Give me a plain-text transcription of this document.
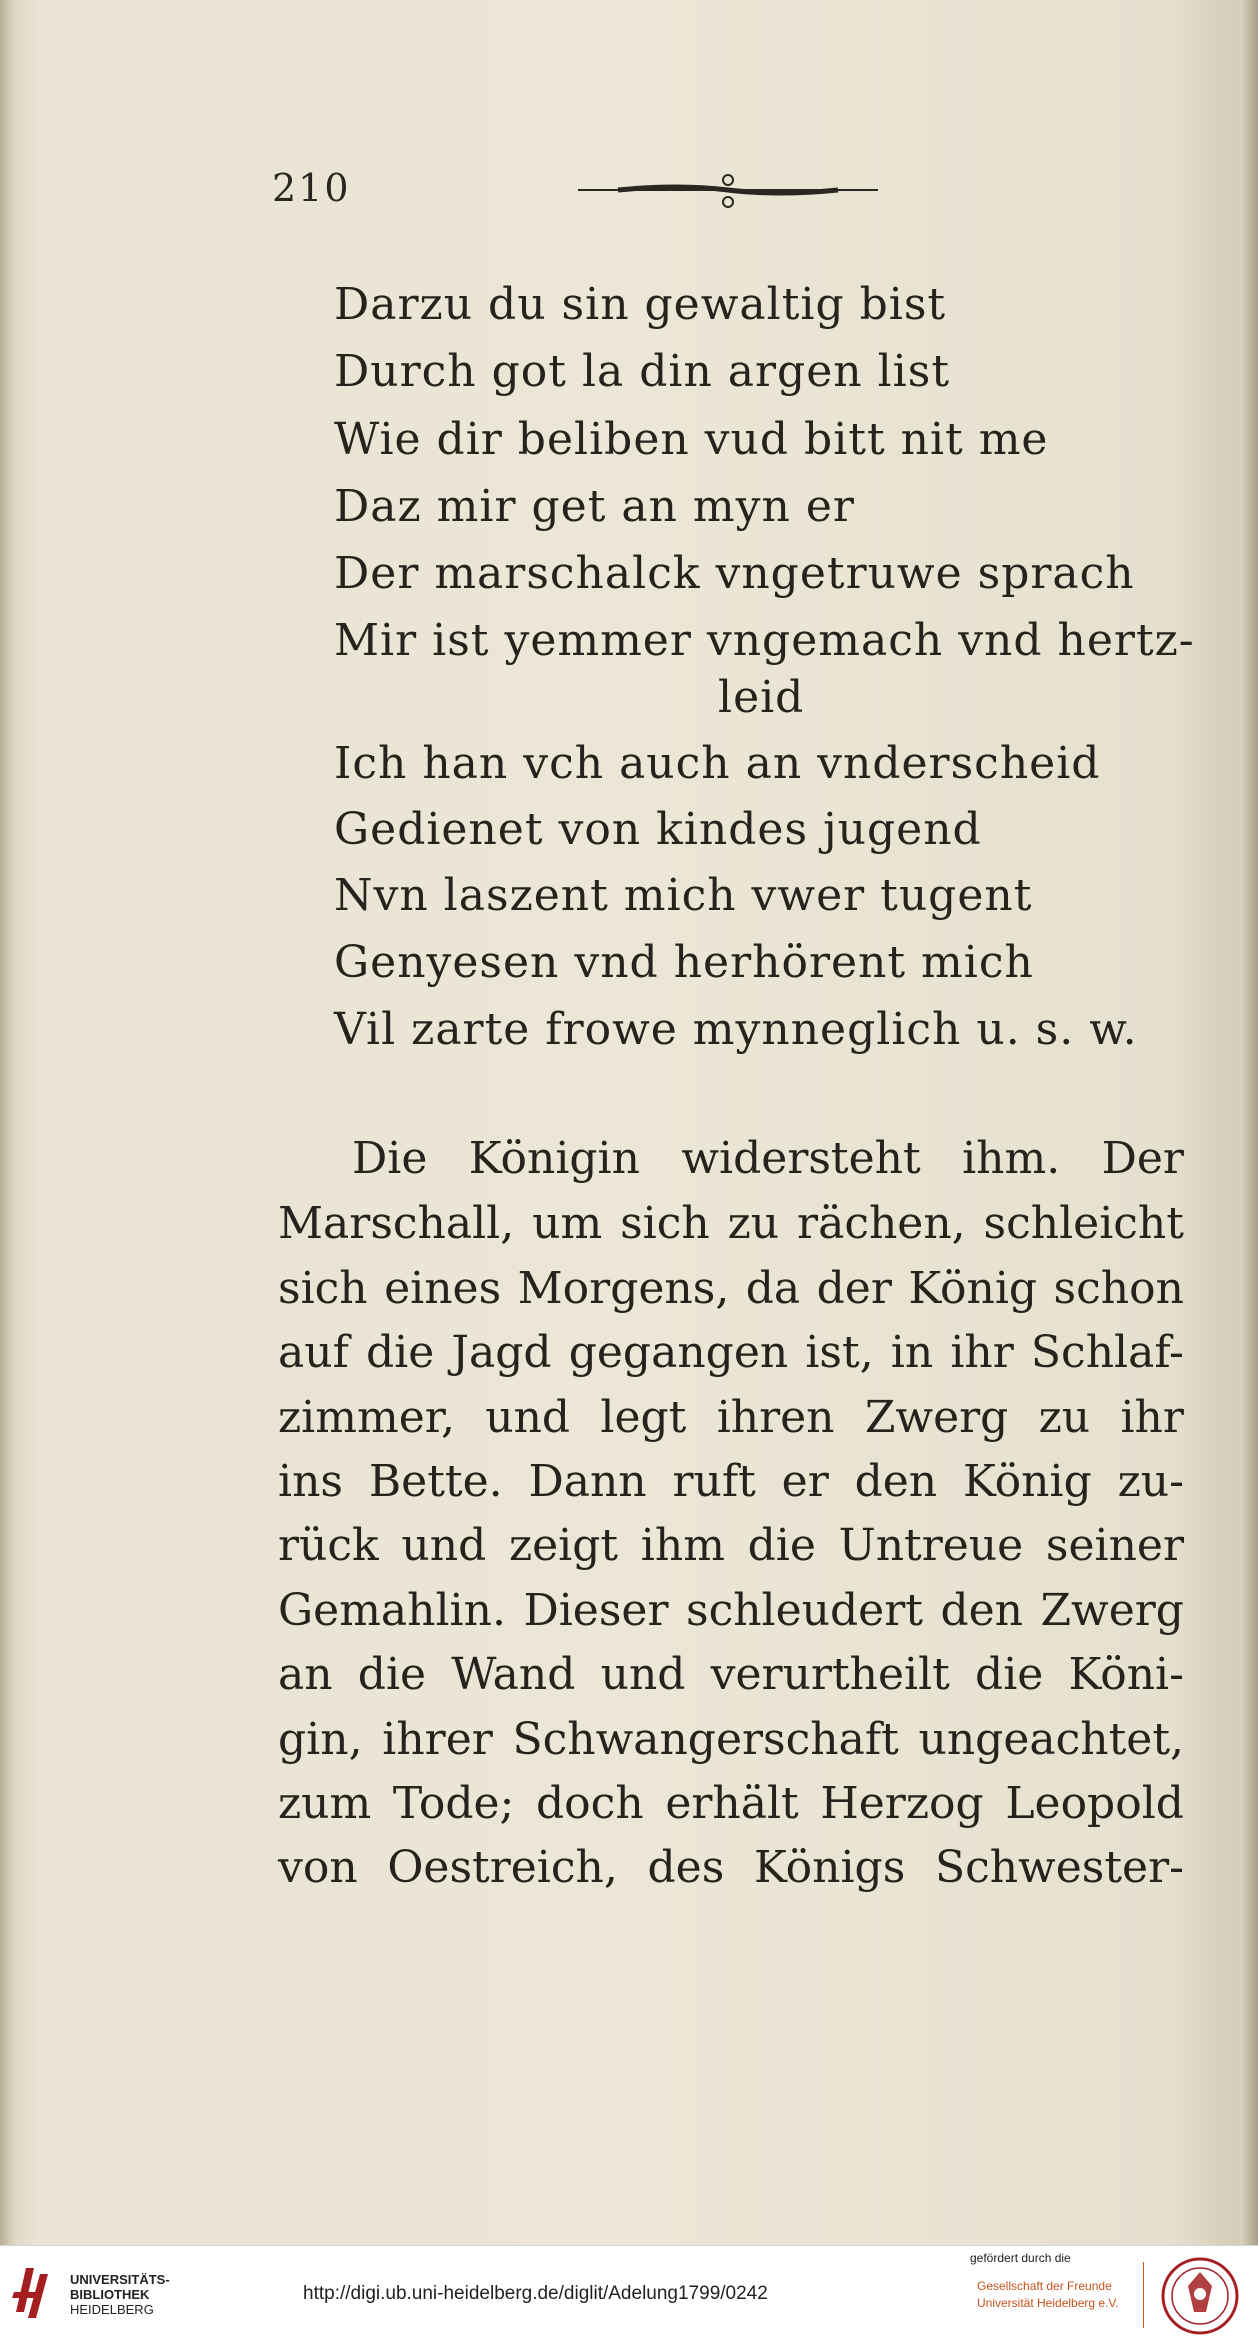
210
Darzu du sin gewaltig bist
Durch got la din argen list
Wie dir beliben vud bitt nit me
Daz mir get an myn er
Der marschalck vngetruwe sprach
Mir ist yemmer vngemach vnd hertz-
leid
Ich han vch auch an vnderscheid
Gedienet von kindes jugend
Nvn laszent mich vwer tugent
Genyesen vnd herhörent mich
Vil zarte frowe mynneglich u. s. w.
Die Königin widersteht ihm. Der
Marschall, um sich zu rächen, schleicht
sich eines Morgens, da der König schon
auf die Jagd gegangen ist, in ihr Schlaf-
zimmer, und legt ihren Zwerg zu ihr
ins Bette. Dann ruft er den König zu-
rück und zeigt ihm die Untreue seiner
Gemahlin. Dieser schleudert den Zwerg
an die Wand und verurtheilt die Köni-
gin, ihrer Schwangerschaft ungeachtet,
zum Tode; doch erhält Herzog Leopold
von Oestreich, des Königs Schwester-
UNIVERSITÄTS-
BIBLIOTHEK
HEIDELBERG
http://digi.ub.uni-heidelberg.de/diglit/Adelung1799/0242
gefördert durch die
Gesellschaft der Freunde
Universität Heidelberg e.V.
